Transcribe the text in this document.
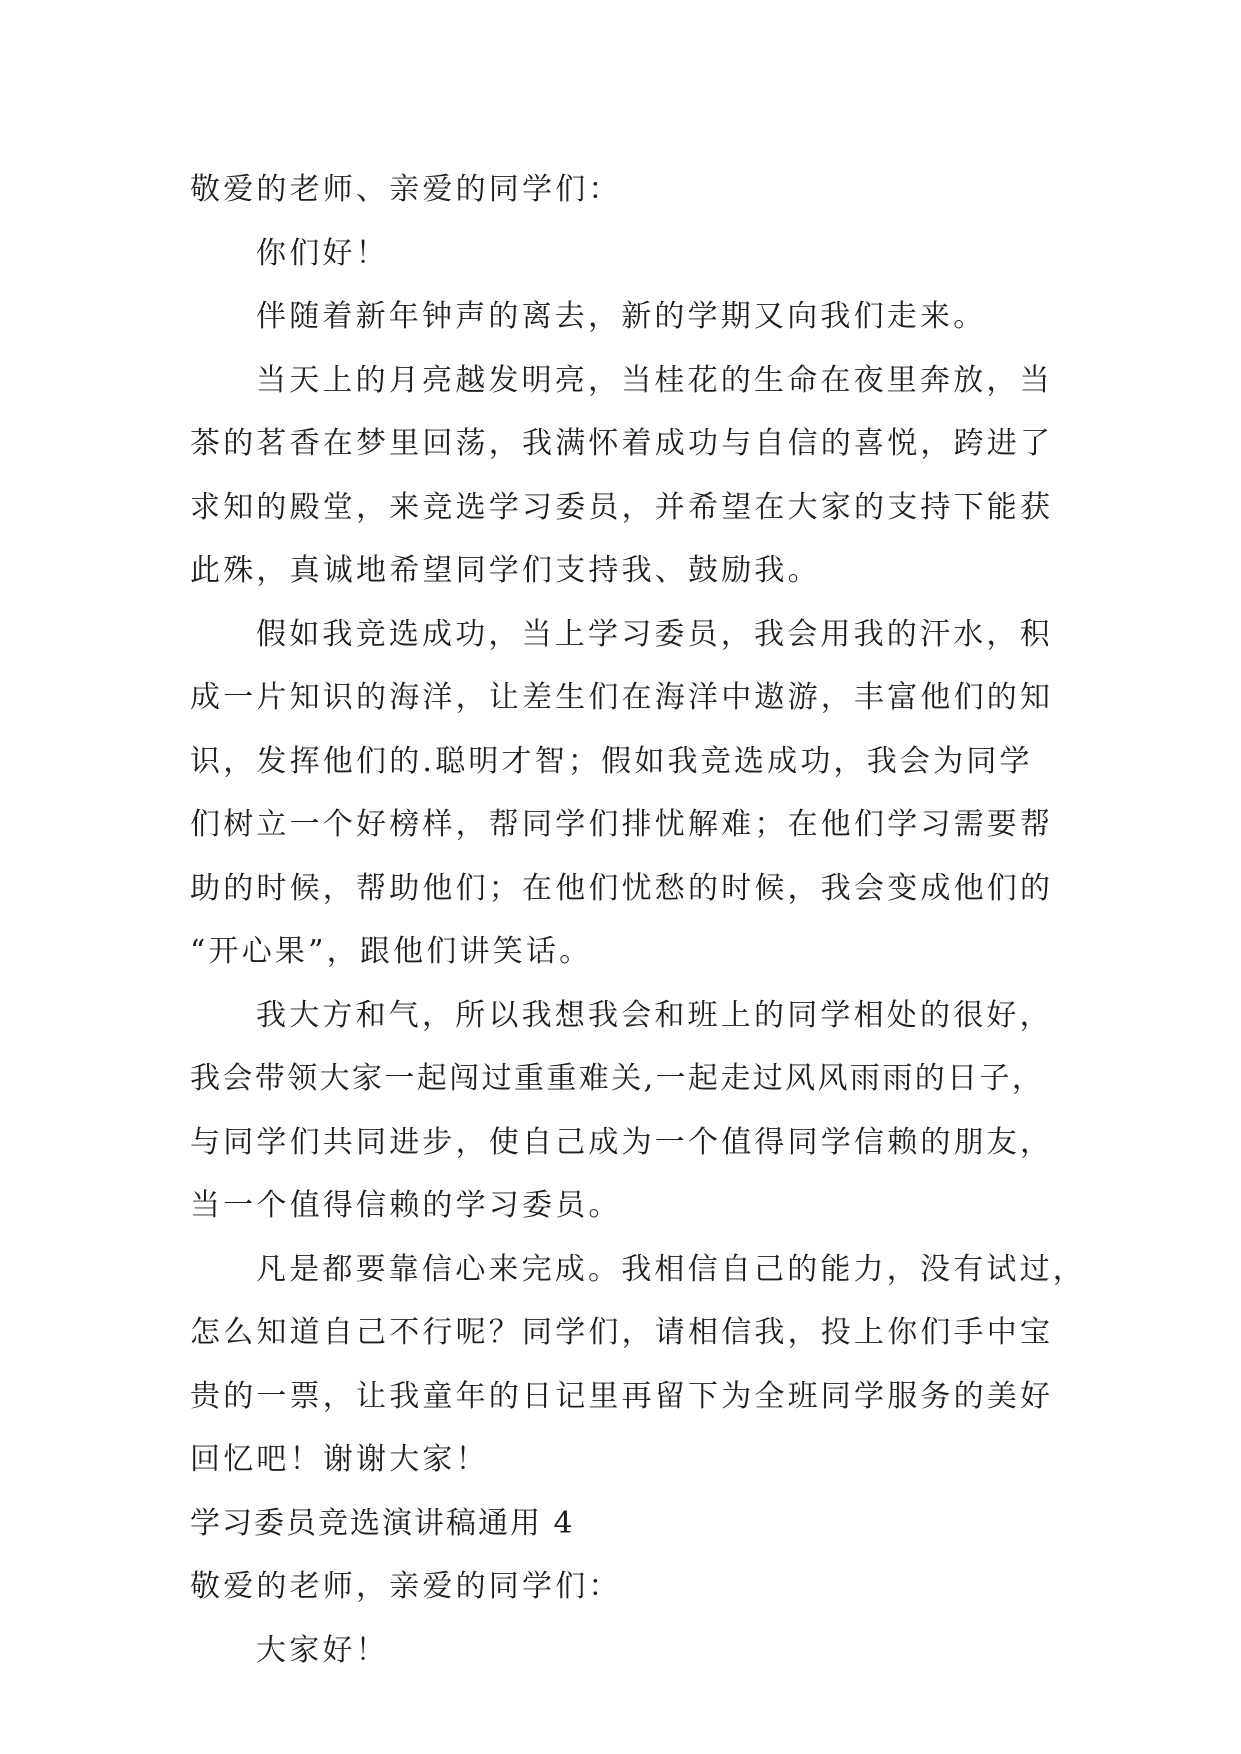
敬爱的老师、亲爱的同学们：

你们好！

伴随着新年钟声的离去，新的学期又向我们走来。

当天上的月亮越发明亮，当桂花的生命在夜里奔放，当

茶的茗香在梦里回荡，我满怀着成功与自信的喜悦，跨进了

求知的殿堂，来竞选学习委员，并希望在大家的支持下能获

此殊，真诚地希望同学们支持我、鼓励我。

假如我竞选成功，当上学习委员，我会用我的汗水，积

成一片知识的海洋，让差生们在海洋中遨游，丰富他们的知

识，发挥他们的.聪明才智；假如我竞选成功，我会为同学

们树立一个好榜样，帮同学们排忧解难；在他们学习需要帮

助的时候，帮助他们；在他们忧愁的时候，我会变成他们的

“开心果”，跟他们讲笑话。

我大方和气，所以我想我会和班上的同学相处的很好，

我会带领大家一起闯过重重难关,一起走过风风雨雨的日子，

与同学们共同进步，使自己成为一个值得同学信赖的朋友，

当一个值得信赖的学习委员。

凡是都要靠信心来完成。我相信自己的能力，没有试过，

怎么知道自己不行呢？同学们，请相信我，投上你们手中宝

贵的一票，让我童年的日记里再留下为全班同学服务的美好

回忆吧！谢谢大家！

学习委员竞选演讲稿通用 4

敬爱的老师，亲爱的同学们：

大家好！
